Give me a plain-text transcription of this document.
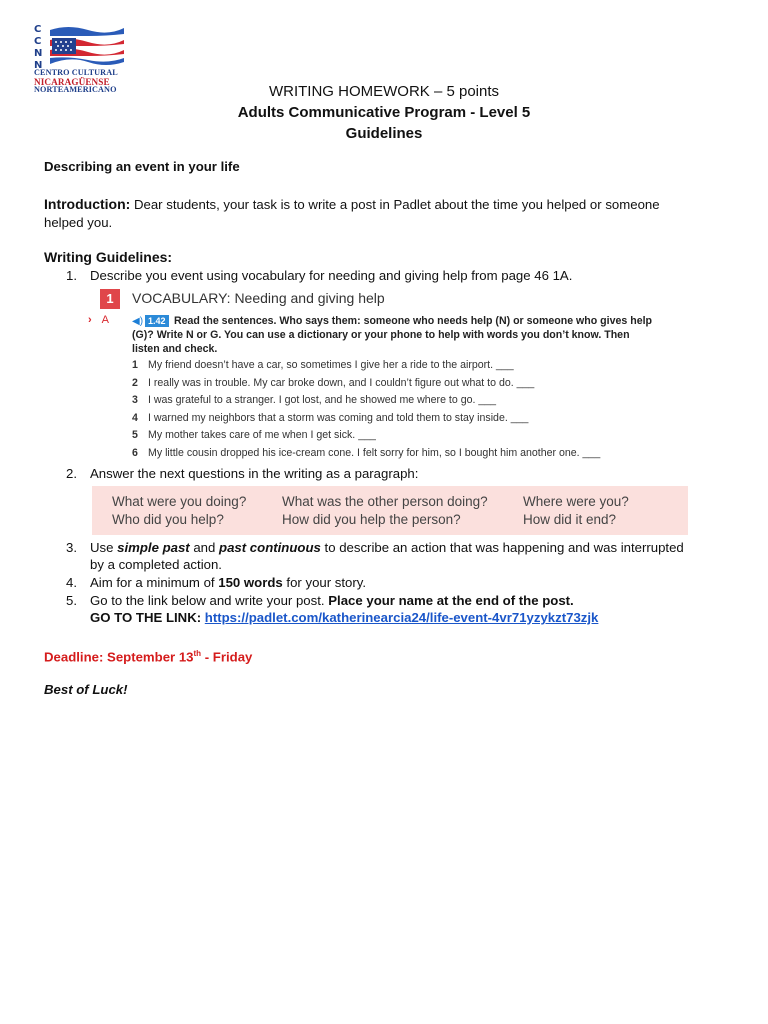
C
C
N
N
CENTRO CULTURAL
NICARAGÜENSE
NORTEAMERICANO	WRITING HOMEWORK – 5 points
Adults Communicative Program - Level 5
Guidelines
Describing an event in your life
Introduction: Dear students, your task is to write a post in Padlet about the time you helped or someone
helped you.
Writing Guidelines:
1. Describe you event using vocabulary for needing and giving help from page 46 1A.
1	VOCABULARY: Needing and giving help
› A ◀) 1.42 Read the sentences. Who says them: someone who needs help (N) or someone who gives help (G)? Write N or G. You can use a dictionary or your phone to help with words you don’t know. Then listen and check.
1 My friend doesn’t have a car, so sometimes I give her a ride to the airport. ___
2 I really was in trouble. My car broke down, and I couldn’t figure out what to do. ___
3 I was grateful to a stranger. I got lost, and he showed me where to go. ___
4 I warned my neighbors that a storm was coming and told them to stay inside. ___
5 My mother takes care of me when I get sick. ___
6 My little cousin dropped his ice-cream cone. I felt sorry for him, so I bought him another one. ___
2. Answer the next questions in the writing as a paragraph:
What were you doing?	What was the other person doing?	Where were you?
Who did you help?	How did you help the person?	How did it end?
3. Use simple past and past continuous to describe an action that was happening and was interrupted
by a completed action.
4. Aim for a minimum of 150 words for your story.
5. Go to the link below and write your post. Place your name at the end of the post.
GO TO THE LINK: https://padlet.com/katherinearcia24/life-event-4vr71yzykzt73zjk
Deadline: September 13th - Friday
Best of Luck!
